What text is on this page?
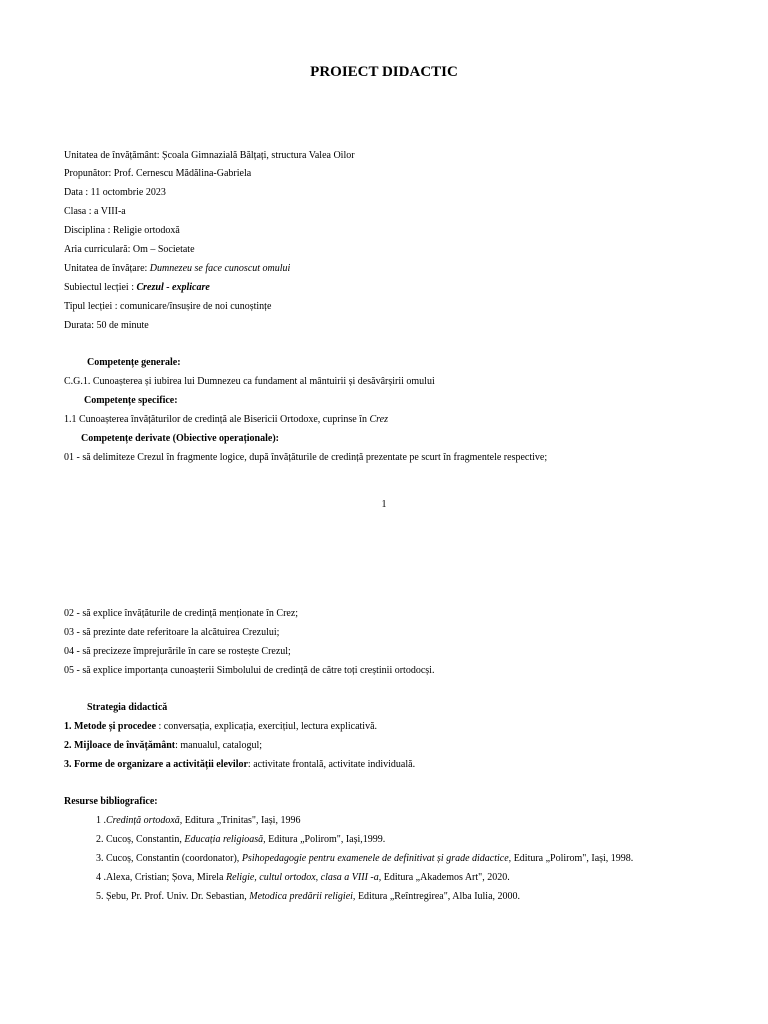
PROIECT DIDACTIC
Unitatea de învățământ: Școala Gimnazială Bălțați, structura Valea Oilor
Propunător: Prof. Cernescu Mădălina-Gabriela
Data : 11 octombrie 2023
Clasa : a VIII-a
Disciplina : Religie ortodoxă
Aria curriculară: Om – Societate
Unitatea de învățare: Dumnezeu se face cunoscut omului
Subiectul lecției : Crezul - explicare
Tipul lecției : comunicare/însușire de noi cunoștințe
Durata: 50 de minute
Competențe generale:
C.G.1. Cunoașterea și iubirea lui Dumnezeu ca fundament al mântuirii și desăvârșirii omului
Competențe specifice:
1.1 Cunoașterea învățăturilor de credință ale Bisericii Ortodoxe, cuprinse în Crez
Competențe derivate (Obiective operaționale):
01 - să delimiteze Crezul în fragmente logice, după învățăturile de credință prezentate pe scurt în fragmentele respective;
1
02 - să explice învățăturile de credință menționate în Crez;
03 - să prezinte date referitoare la alcătuirea Crezului;
04 - să precizeze împrejurările în care se rostește Crezul;
05 - să explice importanța cunoașterii Simbolului de credință de către toți creștinii ortodocși.
Strategia didactică
1. Metode și procedee : conversația, explicația, exercițiul, lectura explicativă.
2. Mijloace de învățământ: manualul, catalogul;
3. Forme de organizare a activității elevilor: activitate frontală, activitate individuală.
Resurse bibliografice:
1 .Credință ortodoxă, Editura „Trinitas", Iași, 1996
2. Cucoș, Constantin, Educația religioasă, Editura „Polirom", Iași,1999.
3. Cucoș, Constantin (coordonator), Psihopedagogie pentru examenele de definitivat și grade didactice, Editura „Polirom", Iași, 1998.
4 .Alexa, Cristian; Șova, Mirela Religie, cultul ortodox, clasa a VIII -a, Editura „Akademos Art", 2020.
5. Șebu, Pr. Prof. Univ. Dr. Sebastian, Metodica predării religiei, Editura „Reîntregirea", Alba Iulia, 2000.
